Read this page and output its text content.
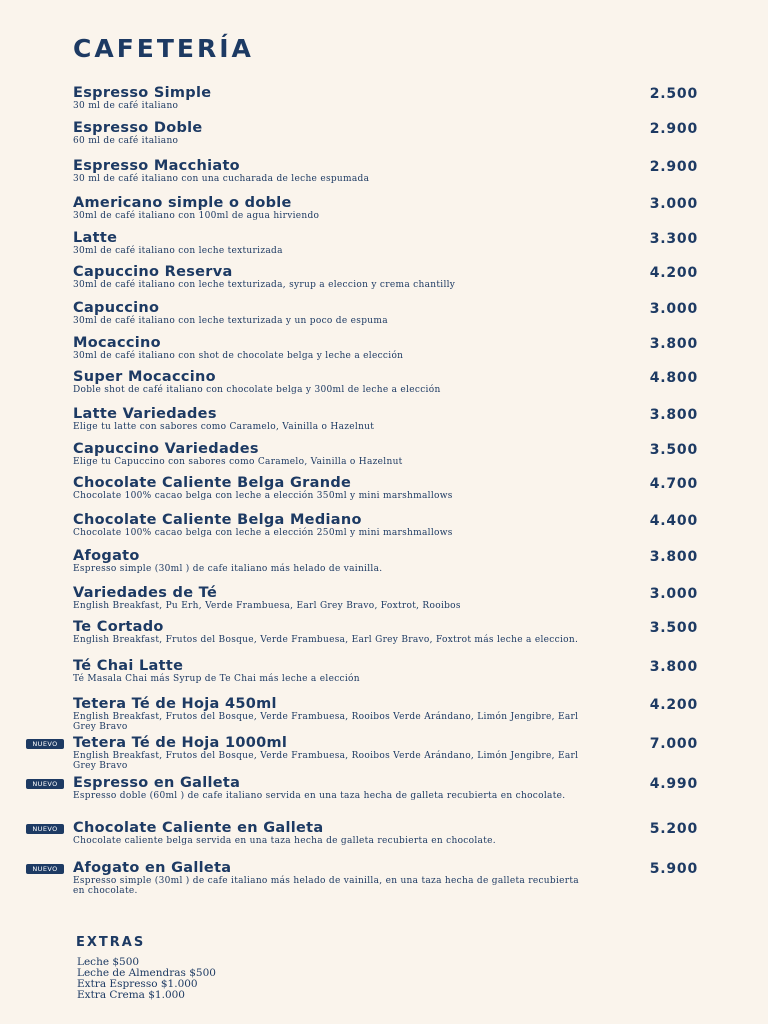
CAFETERÍA
Espresso Simple
30 ml de café italiano
2.500
Espresso Doble
60 ml de café italiano
2.900
Espresso Macchiato
30 ml de café italiano con una cucharada de leche espumada
2.900
Americano simple o doble
30ml de café italiano con 100ml de agua hirviendo
3.000
Latte
30ml de café italiano con leche texturizada
3.300
Capuccino Reserva
30ml de café italiano con leche texturizada, syrup a eleccion y crema chantilly
4.200
Capuccino
30ml de café italiano con leche texturizada y un poco de espuma
3.000
Mocaccino
30ml de café italiano con shot de chocolate belga y leche a elección
3.800
Super Mocaccino
Doble shot de café italiano con chocolate belga y 300ml de leche a elección
4.800
Latte Variedades
Elige tu latte con sabores como Caramelo, Vainilla o Hazelnut
3.800
Capuccino Variedades
Elige tu Capuccino con sabores como Caramelo, Vainilla o Hazelnut
3.500
Chocolate Caliente Belga Grande
Chocolate 100% cacao belga con leche a elección 350ml y mini marshmallows
4.700
Chocolate Caliente Belga Mediano
Chocolate 100% cacao belga con leche a elección 250ml y mini marshmallows
4.400
Afogato
Espresso simple (30ml ) de cafe italiano más helado de vainilla.
3.800
Variedades de Té
English Breakfast, Pu Erh, Verde Frambuesa, Earl Grey Bravo, Foxtrot, Rooibos
3.000
Te Cortado
English Breakfast, Frutos del Bosque, Verde Frambuesa, Earl Grey Bravo, Foxtrot más leche a eleccion.
3.500
Té Chai Latte
Té Masala Chai más Syrup de Te Chai más leche a elección
3.800
Tetera Té de Hoja 450ml
English Breakfast, Frutos del Bosque, Verde Frambuesa, Rooibos Verde Arándano, Limón Jengibre, Earl Grey Bravo
4.200
NUEVO	Tetera Té de Hoja 1000ml
English Breakfast, Frutos del Bosque, Verde Frambuesa, Rooibos Verde Arándano, Limón Jengibre, Earl Grey Bravo
7.000
NUEVO	Espresso en Galleta
Espresso doble (60ml ) de cafe italiano servida en una taza hecha de galleta recubierta en chocolate.
4.990
NUEVO	Chocolate Caliente en Galleta
Chocolate caliente belga servida en una taza hecha de galleta recubierta en chocolate.
5.200
NUEVO	Afogato en Galleta
Espresso simple (30ml ) de cafe italiano más helado de vainilla, en una taza hecha de galleta recubierta en chocolate.
5.900
EXTRAS
Leche $500
Leche de Almendras $500
Extra Espresso $1.000
Extra Crema $1.000
